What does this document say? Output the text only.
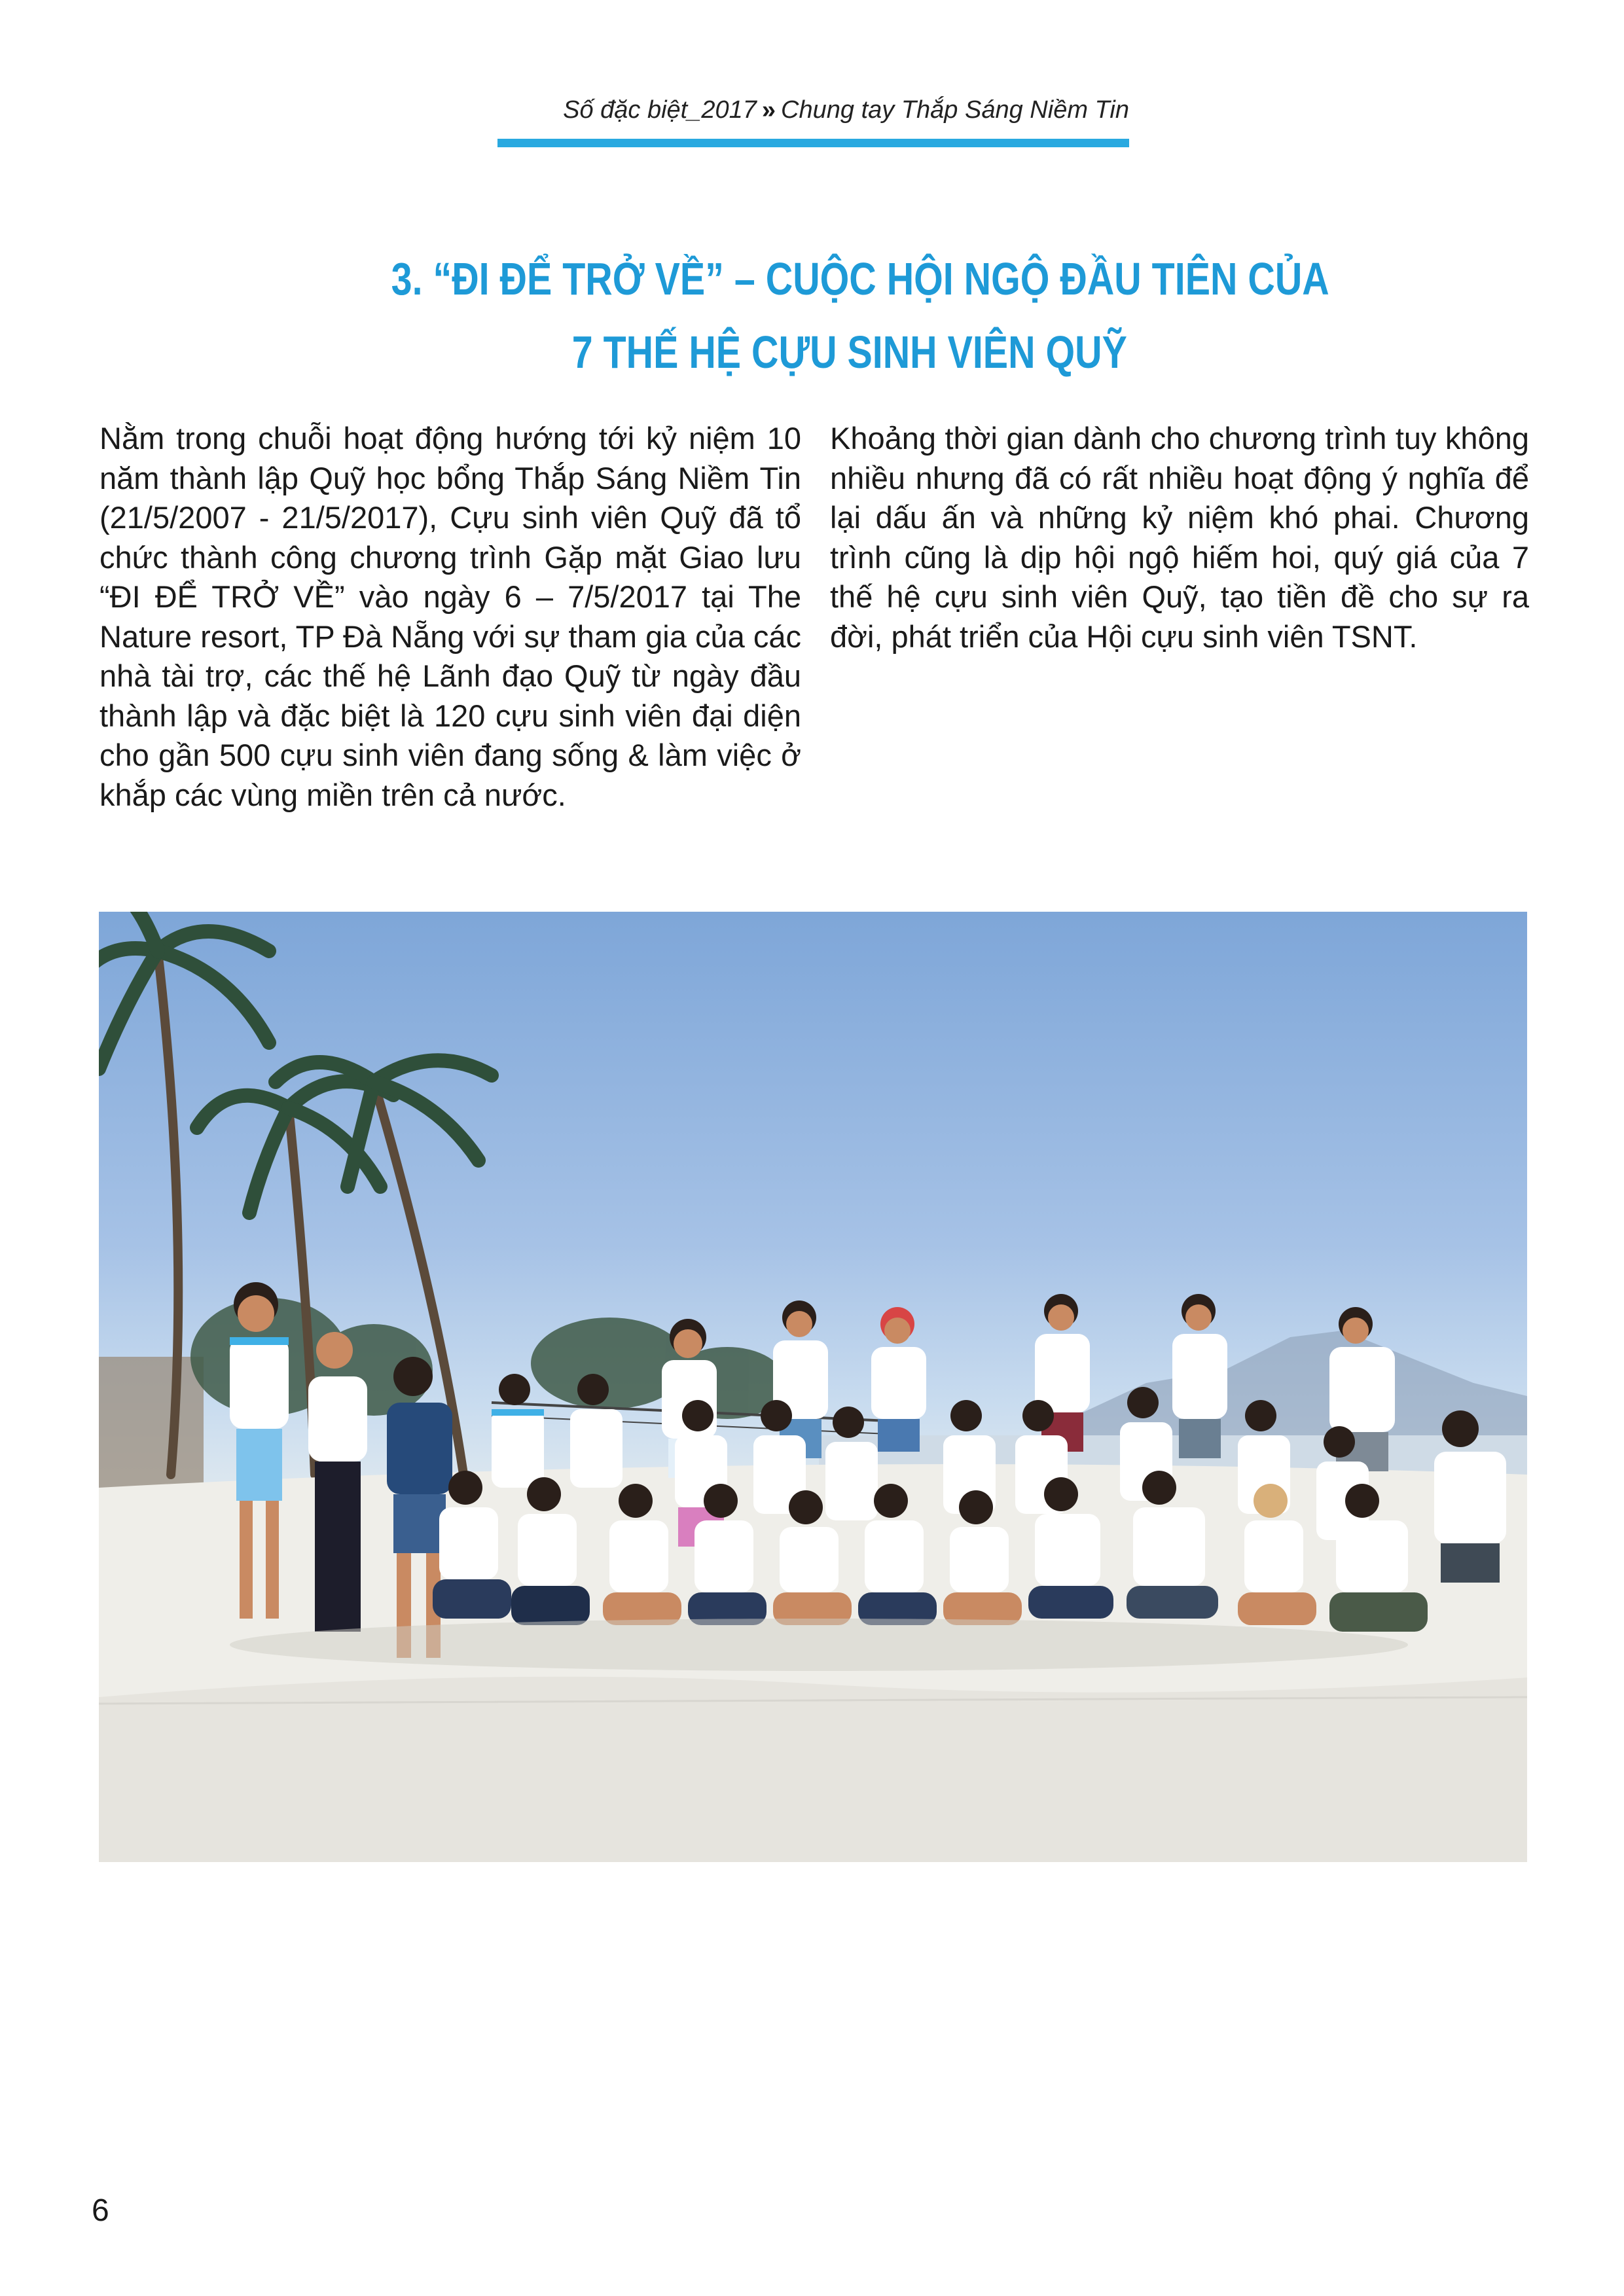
Số đặc biệt_2017 » Chung tay Thắp Sáng Niềm Tin
3. “ĐI ĐỂ TRỞ VỀ” – CUỘC HỘI NGỘ ĐẦU TIÊN CỦA
7 THẾ HỆ CỰU SINH VIÊN QUỸ
Nằm trong chuỗi hoạt động hướng tới kỷ niệm 10 năm thành lập Quỹ học bổng Thắp Sáng Niềm Tin (21/5/2007 - 21/5/2017), Cựu sinh viên Quỹ đã tổ chức thành công chương trình Gặp mặt Giao lưu “ĐI ĐỂ TRỞ VỀ” vào ngày 6 – 7/5/2017 tại The Nature resort, TP Đà Nẵng với sự tham gia của các nhà tài trợ, các thế hệ Lãnh đạo Quỹ từ ngày đầu thành lập và đặc biệt là 120 cựu sinh viên đại diện cho gần 500 cựu sinh viên đang sống & làm việc ở khắp các vùng miền trên cả nước.
Khoảng thời gian dành cho chương trình tuy không nhiều nhưng đã có rất nhiều hoạt động ý nghĩa để lại dấu ấn và những kỷ niệm khó phai. Chương trình cũng là dịp hội ngộ hiếm hoi, quý giá của 7 thế hệ cựu sinh viên Quỹ, tạo tiền đề cho sự ra đời, phát triển của Hội cựu sinh viên TSNT.
6
